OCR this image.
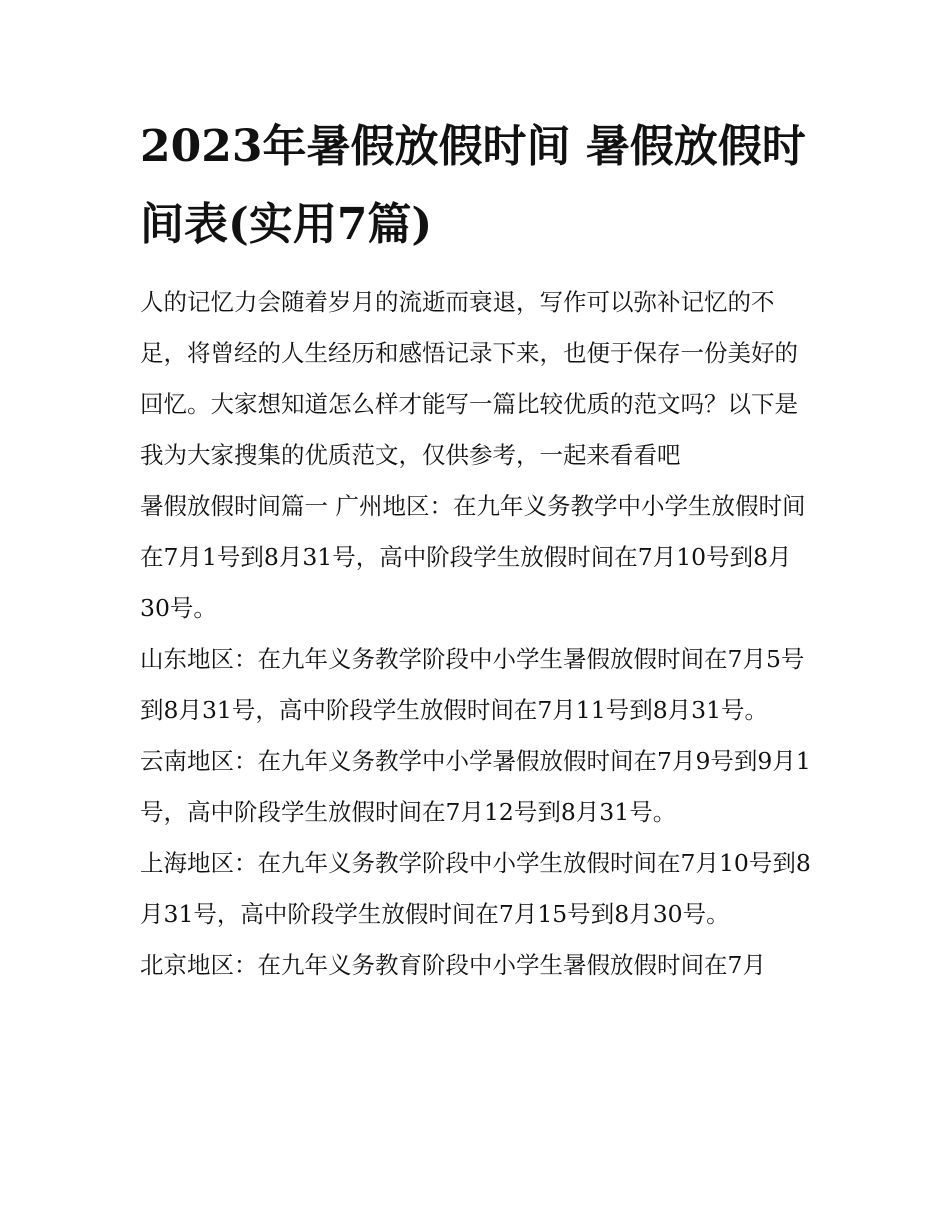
2023年暑假放假时间 暑假放假时间表(实用7篇)

人的记忆力会随着岁月的流逝而衰退，写作可以弥补记忆的不足，将曾经的人生经历和感悟记录下来，也便于保存一份美好的回忆。大家想知道怎么样才能写一篇比较优质的范文吗？以下是我为大家搜集的优质范文，仅供参考，一起来看看吧

暑假放假时间篇一 广州地区：在九年义务教学中小学生放假时间在7月1号到8月31号，高中阶段学生放假时间在7月10号到8月30号。

山东地区：在九年义务教学阶段中小学生暑假放假时间在7月5号到8月31号，高中阶段学生放假时间在7月11号到8月31号。

云南地区：在九年义务教学中小学暑假放假时间在7月9号到9月1号，高中阶段学生放假时间在7月12号到8月31号。

上海地区：在九年义务教学阶段中小学生放假时间在7月10号到8月31号，高中阶段学生放假时间在7月15号到8月30号。

北京地区：在九年义务教育阶段中小学生暑假放假时间在7月
